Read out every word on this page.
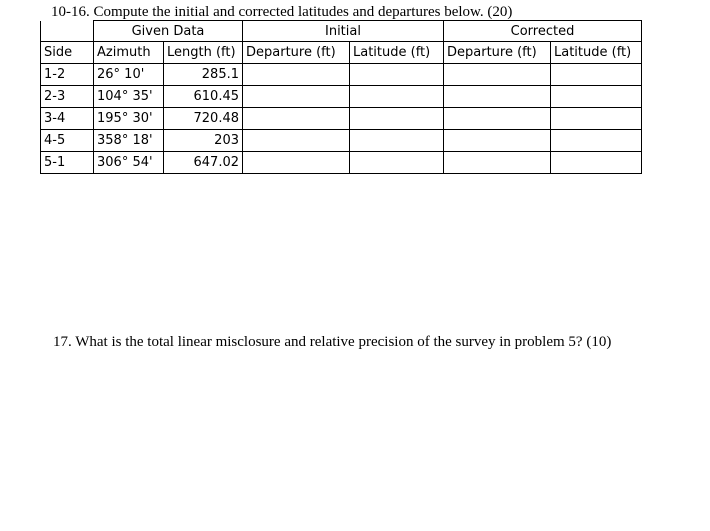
10-16. Compute the initial and corrected latitudes and departures below. (20)
	Given Data		Initial		Corrected	
Side	Azimuth	Length (ft)	Departure (ft)	Latitude (ft)	Departure (ft)	Latitude (ft)
1-2	26° 10'	285.1				
2-3	104° 35'	610.45				
3-4	195° 30'	720.48				
4-5	358° 18'	203				
5-1	306° 54'	647.02				
17. What is the total linear misclosure and relative precision of the survey in problem 5? (10)
